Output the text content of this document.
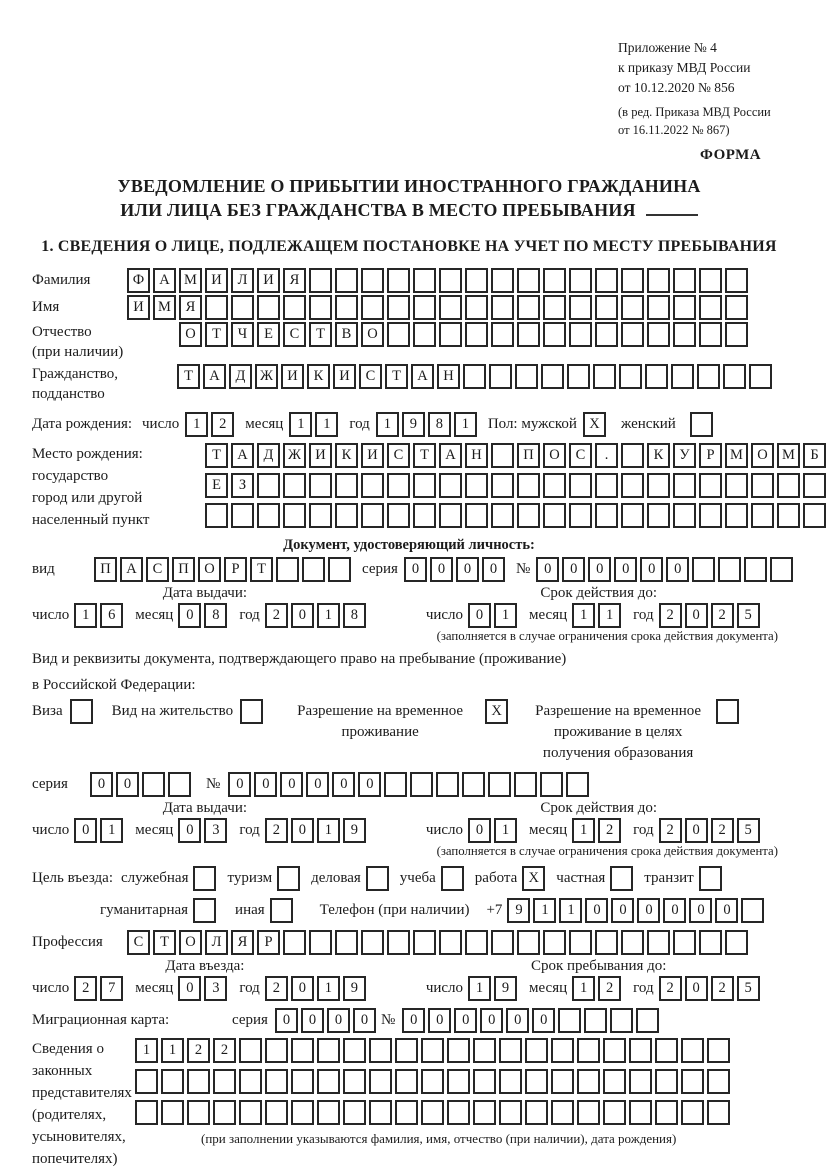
Приложение № 4
к приказу МВД России
от 10.12.2020 № 856
(в ред. Приказа МВД России
от 16.11.2022 № 867)
ФОРМА
УВЕДОМЛЕНИЕ О ПРИБЫТИИ ИНОСТРАННОГО ГРАЖДАНИНА
ИЛИ ЛИЦА БЕЗ ГРАЖДАНСТВА В МЕСТО ПРЕБЫВАНИЯ
1. СВЕДЕНИЯ О ЛИЦЕ, ПОДЛЕЖАЩЕМ ПОСТАНОВКЕ НА УЧЕТ ПО МЕСТУ ПРЕБЫВАНИЯ
Фамилия	Ф	А М И	Л	И	Я
Имя	И М	Я
Отчество
(при наличии)
О	Т	Ч	Е	С	Т	В	О
Гражданство,
подданство
Т	А	Д	Ж И	К	И	С	Т	А	Н
Дата рождения: число 1	2	месяц 1	1	год 1	9	8	1	Пол: мужской X	женский
Место рождения:
государство
город или другой
населенный пункт
Т	А	Д	Ж И	К	И	С	Т	А	Н	П	О	С	.	К	У	Р	М О М	Б
Е	З
Документ, удостоверяющий личность:
вид	П	А	С	П	О	Р	Т	серия 0	0	0	0	№ 0	0	0	0	0	0
Дата выдачи:
число 1	6	месяц 0	8	год 2	0	1	8
Срок действия до:
число 0	1	месяц 1	1	год 2	0	2	5
(заполняется в случае ограничения срока действия документа)
Вид и реквизиты документа, подтверждающего право на пребывание (проживание)
в Российской Федерации:
Виза	Вид на жительство	Разрешение на временное проживание
X	Разрешение на временное проживание в целях получения образования
серия	0	0	№	0	0	0	0	0	0
Дата выдачи:
число 0	1	месяц 0	3	год 2	0	1	9
Срок действия до:
число 0	1	месяц 1	2	год 2	0	2	5
(заполняется в случае ограничения срока действия документа)
Цель въезда: служебная	туризм	деловая	учеба	работа X	частная	транзит
гуманитарная	иная	Телефон (при наличии) +7 9	1	1	0	0	0	0	0	0
Профессия	С	Т	О	Л	Я	Р
Дата въезда:
число 2	7	месяц 0	3	год 2	0	1	9
Срок пребывания до:
число 1	9	месяц 1	2	год 2	0	2	5
Миграционная карта:	серия	0	0	0	0 №	0	0	0	0	0	0
Сведения о
законных
представителях
(родителях,
усыновителях,
попечителях)
1	1	2	2
(при заполнении указываются фамилия, имя, отчество (при наличии), дата рождения)
